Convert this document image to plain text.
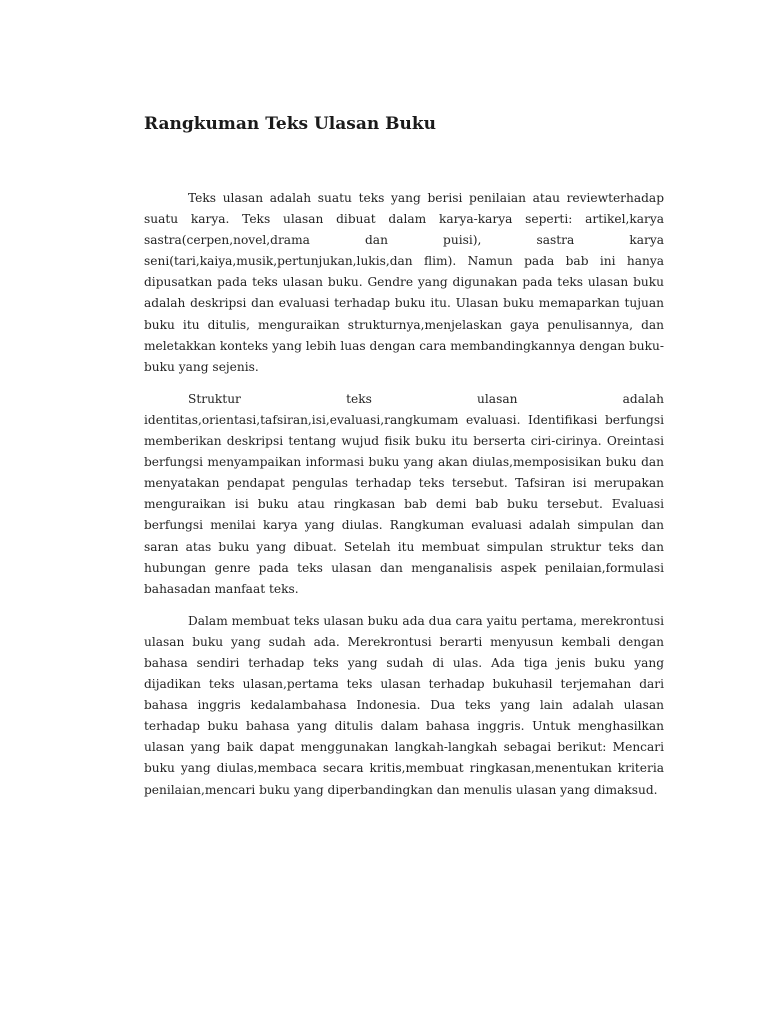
Rangkuman Teks Ulasan Buku

Teks ulasan adalah suatu teks yang berisi penilaian atau reviewterhadap suatu karya. Teks ulasan dibuat dalam karya-karya seperti: artikel,karya sastra(cerpen,novel,drama dan puisi), sastra karya seni(tari,kaiya,musik,pertunjukan,lukis,dan flim). Namun pada bab ini hanya dipusatkan pada teks ulasan buku. Gendre yang digunakan pada teks ulasan buku adalah deskripsi dan evaluasi terhadap buku itu. Ulasan buku memaparkan tujuan buku itu ditulis, menguraikan strukturnya,menjelaskan gaya penulisannya, dan meletakkan konteks yang lebih luas dengan cara membandingkannya dengan buku-buku yang sejenis.

Struktur teks ulasan adalah identitas,orientasi,tafsiran,isi,evaluasi,rangkumam evaluasi. Identifikasi berfungsi memberikan deskripsi tentang wujud fisik buku itu berserta ciri-cirinya. Oreintasi berfungsi menyampaikan informasi buku yang akan diulas,memposisikan buku dan menyatakan pendapat pengulas terhadap teks tersebut. Tafsiran isi merupakan menguraikan isi buku atau ringkasan bab demi bab buku tersebut. Evaluasi berfungsi menilai karya yang diulas. Rangkuman evaluasi adalah simpulan dan saran atas buku yang dibuat. Setelah itu membuat simpulan struktur teks dan hubungan genre pada teks ulasan dan menganalisis aspek penilaian,formulasi bahasadan manfaat teks.

Dalam membuat teks ulasan buku ada dua cara yaitu pertama, merekrontusi ulasan buku yang sudah ada. Merekrontusi berarti menyusun kembali dengan bahasa sendiri terhadap teks yang sudah di ulas. Ada tiga jenis buku yang dijadikan teks ulasan,pertama teks ulasan terhadap bukuhasil terjemahan dari bahasa inggris kedalambahasa Indonesia. Dua teks yang lain adalah ulasan terhadap buku bahasa yang ditulis dalam bahasa inggris. Untuk menghasilkan ulasan yang baik dapat menggunakan langkah-langkah sebagai berikut: Mencari buku yang diulas,membaca secara kritis,membuat ringkasan,menentukan kriteria penilaian,mencari buku yang diperbandingkan dan menulis ulasan yang dimaksud.
